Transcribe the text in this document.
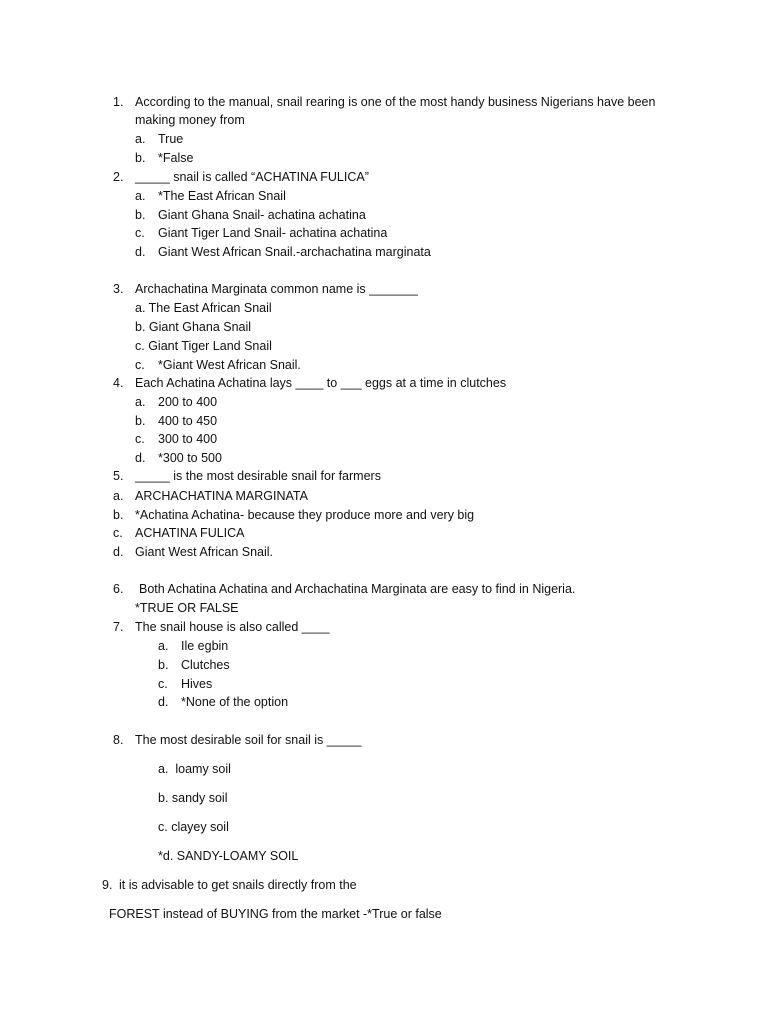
1. According to the manual, snail rearing is one of the most handy business Nigerians have been
making money from
a. True
b. *False
2. _____ snail is called “ACHATINA FULICA”
a. *The East African Snail
b. Giant Ghana Snail- achatina achatina
c. Giant Tiger Land Snail- achatina achatina
d. Giant West African Snail.-archachatina marginata
3. Archachatina Marginata common name is _______
a. The East African Snail
b. Giant Ghana Snail
c. Giant Tiger Land Snail
c. *Giant West African Snail.
4. Each Achatina Achatina lays ____ to ___ eggs at a time in clutches
a. 200 to 400
b. 400 to 450
c. 300 to 400
d. *300 to 500
5. _____ is the most desirable snail for farmers
a. ARCHACHATINA MARGINATA
b. *Achatina Achatina- because they produce more and very big
c. ACHATINA FULICA
d. Giant West African Snail.
6. Both Achatina Achatina and Archachatina Marginata are easy to find in Nigeria.
*TRUE OR FALSE
7. The snail house is also called ____
a. Ile egbin
b. Clutches
c. Hives
d. *None of the option
8. The most desirable soil for snail is _____
a.  loamy soil
b. sandy soil
c. clayey soil
*d. SANDY-LOAMY SOIL
9. it is advisable to get snails directly from the
FOREST instead of BUYING from the market -*True or false
